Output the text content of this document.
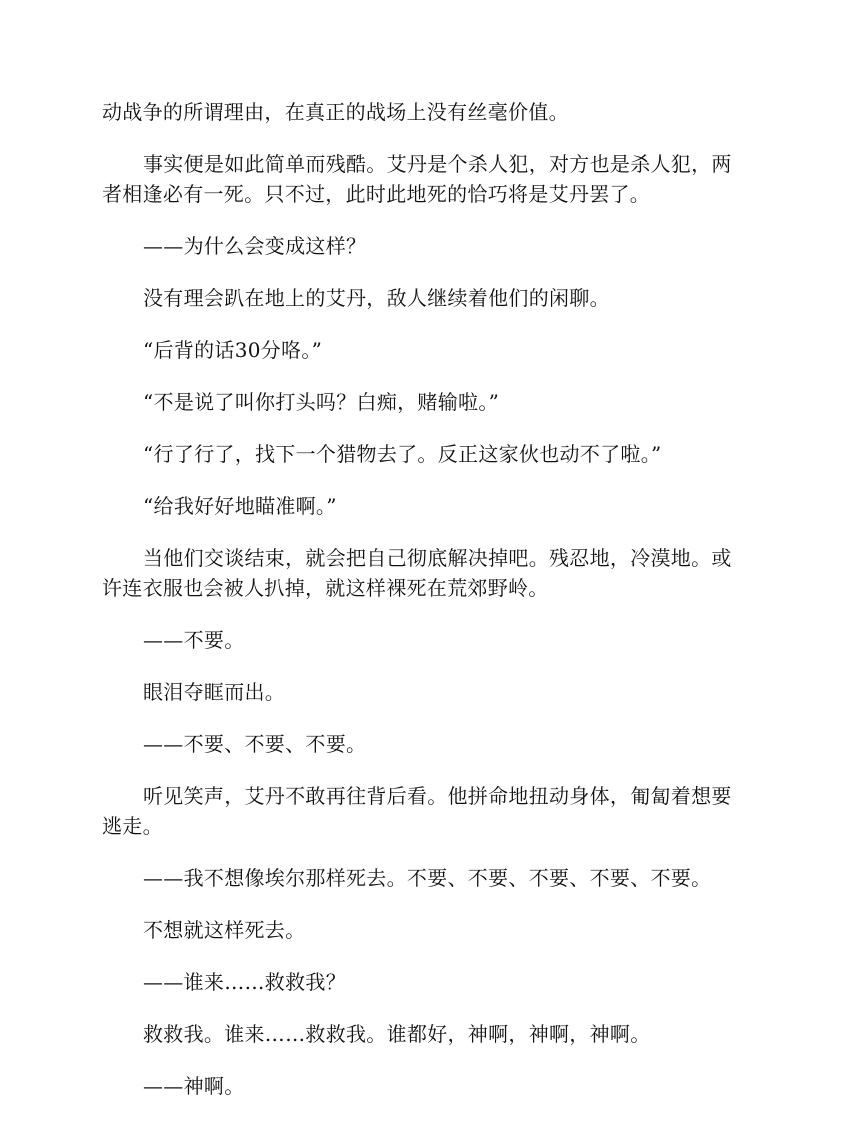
动战争的所谓理由，在真正的战场上没有丝毫价值。

事实便是如此简单而残酷。艾丹是个杀人犯，对方也是杀人犯，两者相逢必有一死。只不过，此时此地死的恰巧将是艾丹罢了。

——为什么会变成这样？

没有理会趴在地上的艾丹，敌人继续着他们的闲聊。

“后背的话30分咯。”

“不是说了叫你打头吗？白痴，赌输啦。”

“行了行了，找下一个猎物去了。反正这家伙也动不了啦。”

“给我好好地瞄准啊。”

当他们交谈结束，就会把自己彻底解决掉吧。残忍地，冷漠地。或许连衣服也会被人扒掉，就这样裸死在荒郊野岭。

——不要。

眼泪夺眶而出。

——不要、不要、不要。

听见笑声，艾丹不敢再往背后看。他拼命地扭动身体，匍匐着想要逃走。

——我不想像埃尔那样死去。不要、不要、不要、不要、不要。

不想就这样死去。

——谁来……救救我？

救救我。谁来……救救我。谁都好，神啊，神啊，神啊。

——神啊。
